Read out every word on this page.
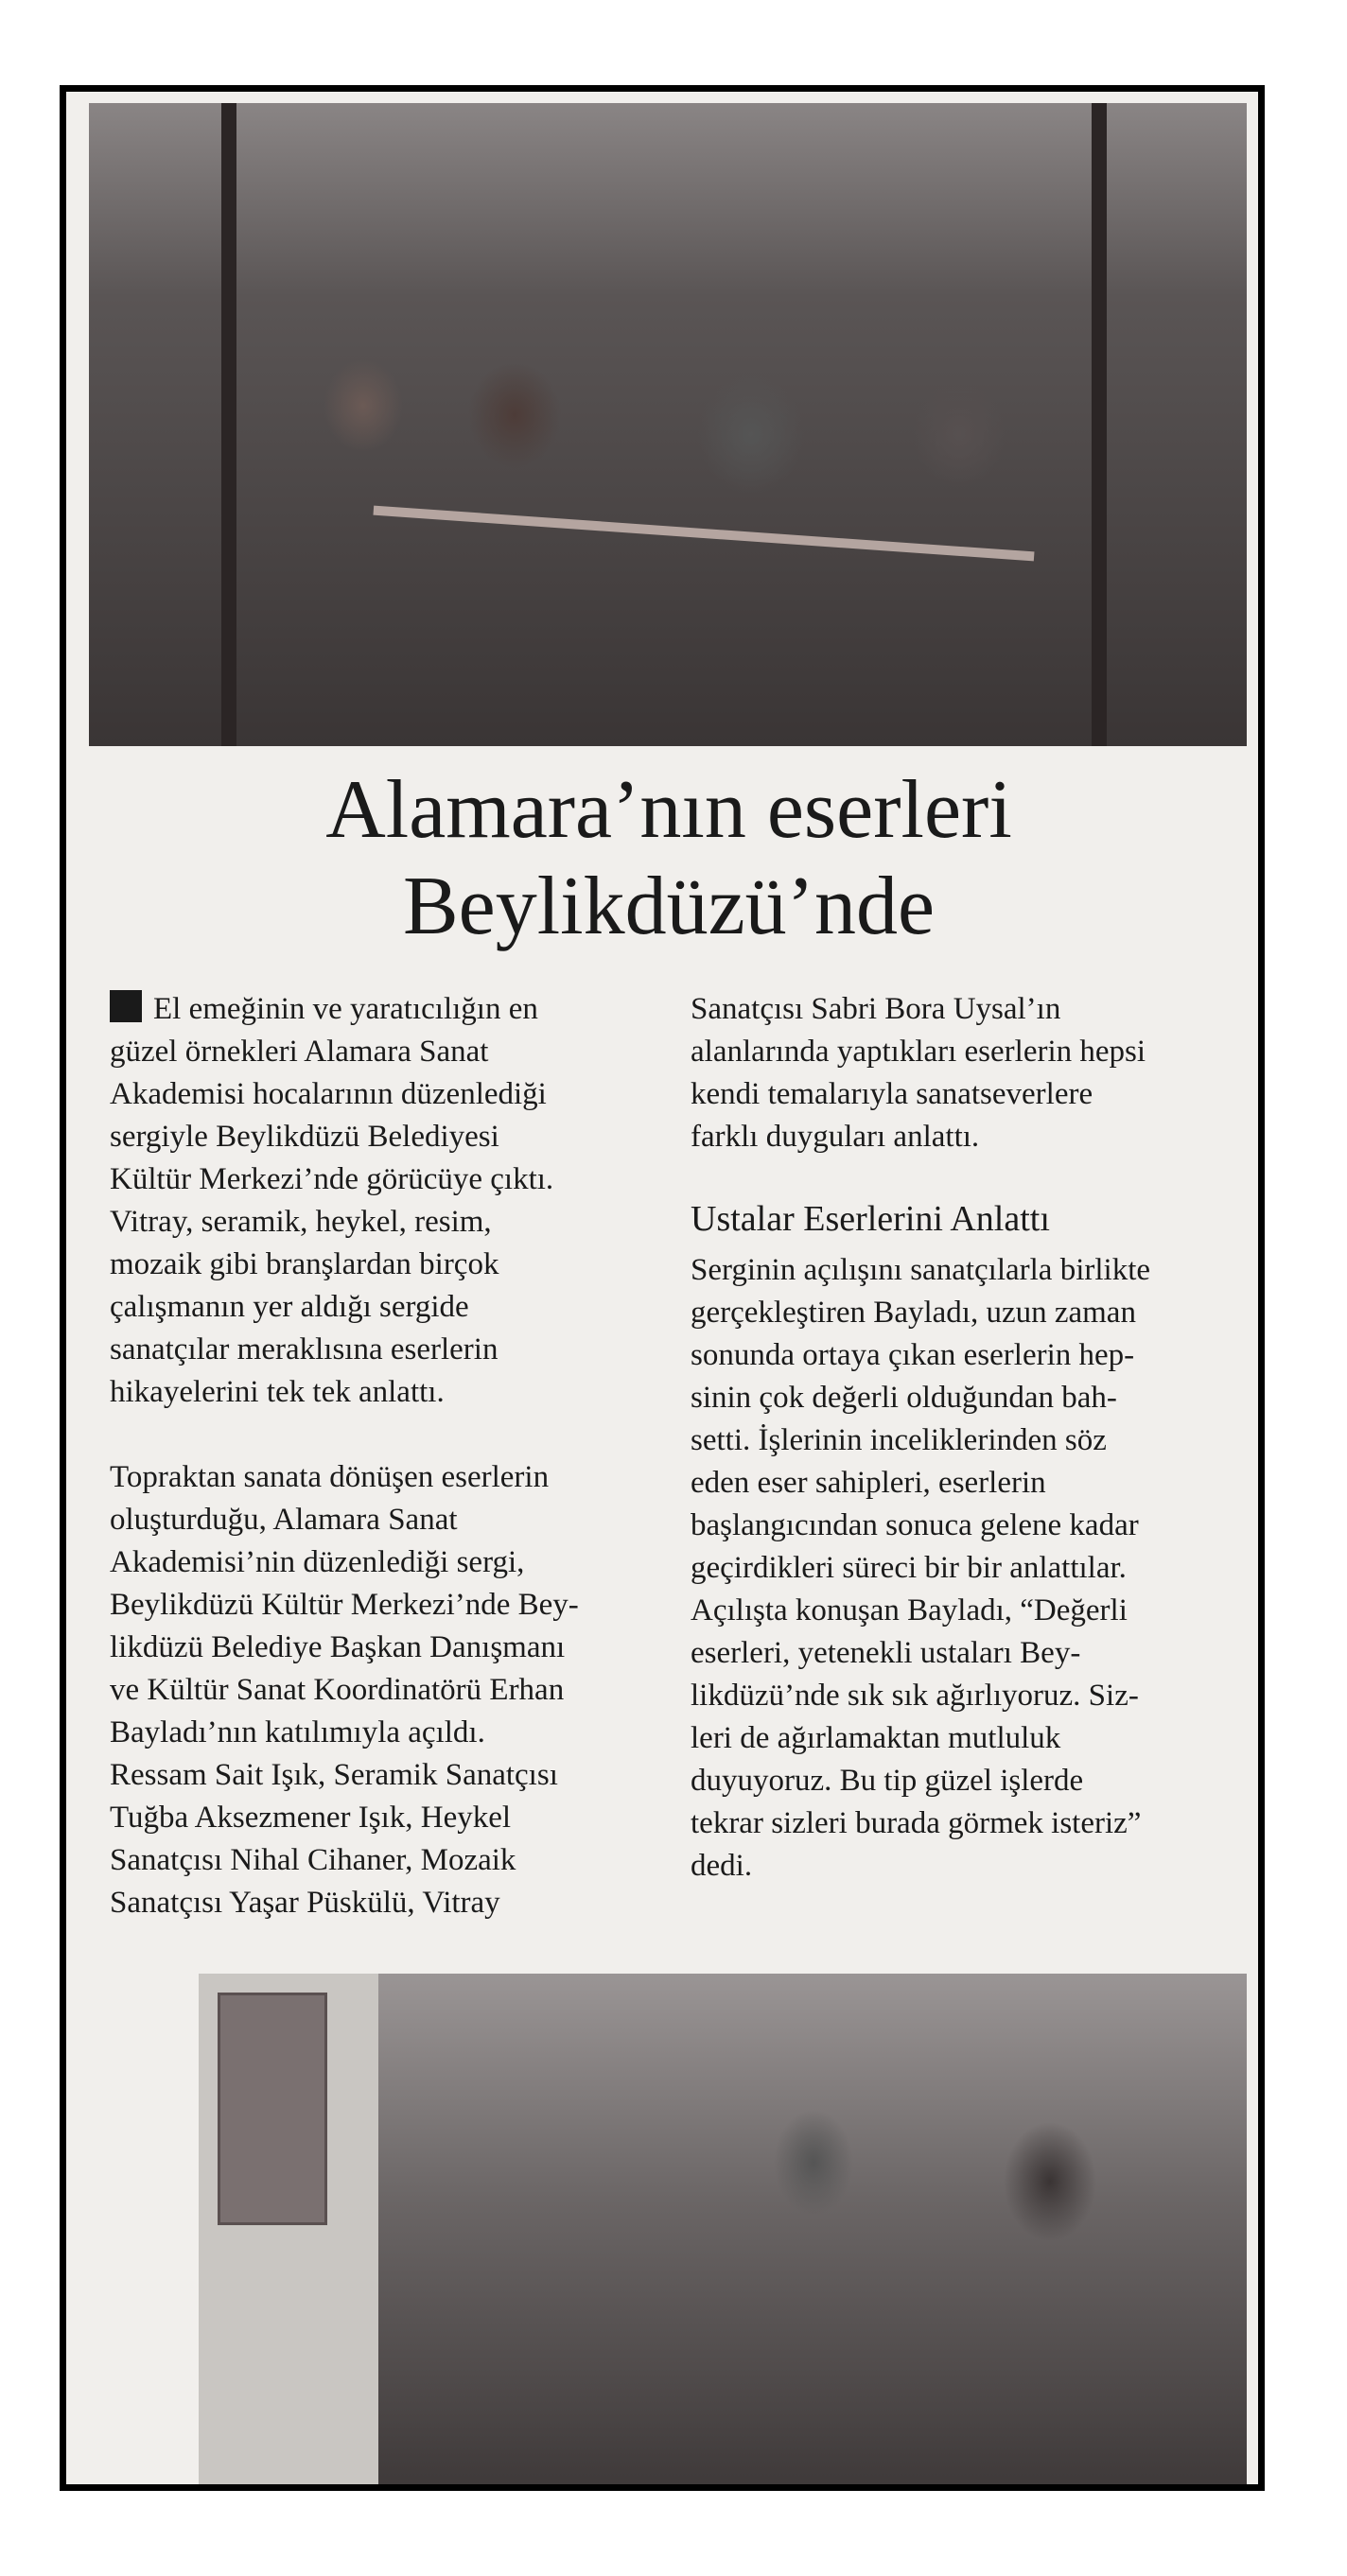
Alamara’nın eserleri
Beylikdüzü’nde

El emeğinin ve yaratıcılığın en
güzel örnekleri Alamara Sanat
Akademisi hocalarının düzenlediği
sergiyle Beylikdüzü Belediyesi
Kültür Merkezi’nde görücüye çıktı.
Vitray, seramik, heykel, resim,
mozaik gibi branşlardan birçok
çalışmanın yer aldığı sergide
sanatçılar meraklısına eserlerin
hikayelerini tek tek anlattı.

Topraktan sanata dönüşen eserlerin
oluşturduğu, Alamara Sanat
Akademisi’nin düzenlediği sergi,
Beylikdüzü Kültür Merkezi’nde Bey-
likdüzü Belediye Başkan Danışmanı
ve Kültür Sanat Koordinatörü Erhan
Bayladı’nın katılımıyla açıldı.
Ressam Sait Işık, Seramik Sanatçısı
Tuğba Aksezmener Işık, Heykel
Sanatçısı Nihal Cihaner, Mozaik
Sanatçısı Yaşar Püskülü, Vitray

Sanatçısı Sabri Bora Uysal’ın
alanlarında yaptıkları eserlerin hepsi
kendi temalarıyla sanatseverlere
farklı duyguları anlattı.

Ustalar Eserlerini Anlattı

Serginin açılışını sanatçılarla birlikte
gerçekleştiren Bayladı, uzun zaman
sonunda ortaya çıkan eserlerin hep-
sinin çok değerli olduğundan bah-
setti. İşlerinin inceliklerinden söz
eden eser sahipleri, eserlerin
başlangıcından sonuca gelene kadar
geçirdikleri süreci bir bir anlattılar.
Açılışta konuşan Bayladı, “Değerli
eserleri, yetenekli ustaları Bey-
likdüzü’nde sık sık ağırlıyoruz. Siz-
leri de ağırlamaktan mutluluk
duyuyoruz. Bu tip güzel işlerde
tekrar sizleri burada görmek isteriz”
dedi.
